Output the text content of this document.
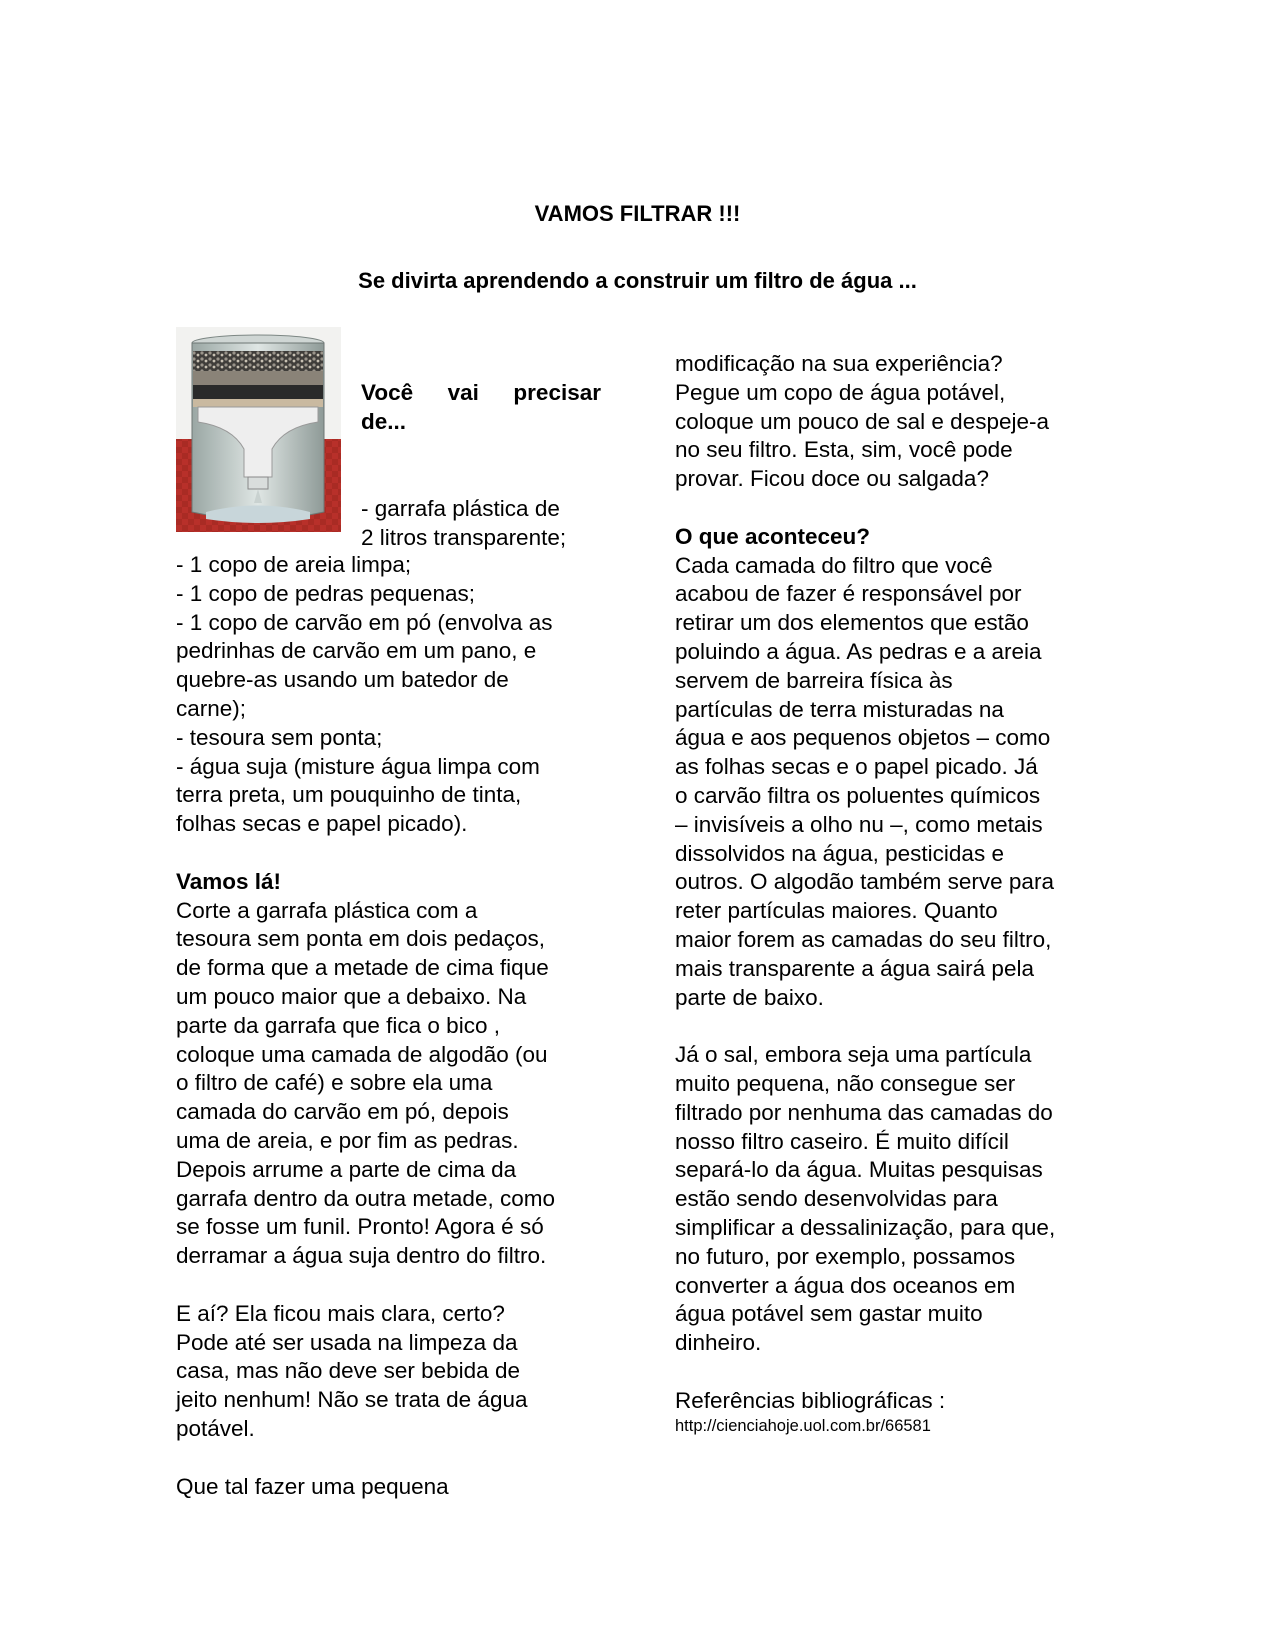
VAMOS FILTRAR !!!
Se divirta aprendendo a construir um filtro de água ...
Você vai precisar
de...
- garrafa plástica de
2 litros transparente;

- 1 copo de areia limpa;

- 1 copo de pedras pequenas;

- 1 copo de carvão em pó (envolva as

pedrinhas de carvão em um pano, e

quebre-as usando um batedor de

carne);

- tesoura sem ponta;

- água suja (misture água limpa com

terra preta, um pouquinho de tinta,

folhas secas e papel picado).

Vamos lá!

Corte a garrafa plástica com a

tesoura sem ponta em dois pedaços,

de forma que a metade de cima fique

um pouco maior que a debaixo. Na

parte da garrafa que fica o bico ,

coloque uma camada de algodão (ou

o filtro de café) e sobre ela uma

camada do carvão em pó, depois

uma de areia, e por fim as pedras.

Depois arrume a parte de cima da

garrafa dentro da outra metade, como

se fosse um funil. Pronto! Agora é só

derramar a água suja dentro do filtro.

E aí? Ela ficou mais clara, certo?

Pode até ser usada na limpeza da

casa, mas não deve ser bebida de

jeito nenhum! Não se trata de água

potável.

Que tal fazer uma pequena

modificação na sua experiência?

Pegue um copo de água potável,

coloque um pouco de sal e despeje-a

no seu filtro. Esta, sim, você pode

provar. Ficou doce ou salgada?

O que aconteceu?

Cada camada do filtro que você

acabou de fazer é responsável por

retirar um dos elementos que estão

poluindo a água. As pedras e a areia

servem de barreira física às

partículas de terra misturadas na

água e aos pequenos objetos – como

as folhas secas e o papel picado. Já

o carvão filtra os poluentes químicos

– invisíveis a olho nu –, como metais

dissolvidos na água, pesticidas e

outros. O algodão também serve para

reter partículas maiores. Quanto

maior forem as camadas do seu filtro,

mais transparente a água sairá pela

parte de baixo.

Já o sal, embora seja uma partícula

muito pequena, não consegue ser

filtrado por nenhuma das camadas do

nosso filtro caseiro. É muito difícil

separá-lo da água. Muitas pesquisas

estão sendo desenvolvidas para

simplificar a dessalinização, para que,

no futuro, por exemplo, possamos

converter a água dos oceanos em

água potável sem gastar muito

dinheiro.

Referências bibliográficas :

http://cienciahoje.uol.com.br/66581
